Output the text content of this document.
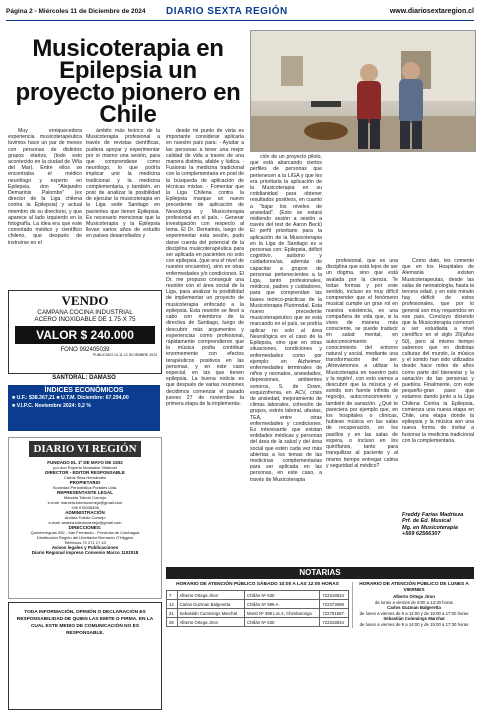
Página 2 - Miércoles 11 de Diciembre de 2024 DIARIO SEXTA REGIÓN	www.diariosextaregion.cl
Musicoterapia en Epilepsia un proyecto pionero en Chile

Muy enriquecedora experiencia musicoterapéutica tuvimos hace un par de meses con personas de distintos grupos etarios, (todo esto acontecido en la ciudad de Viña del Mar). Entre ellos se encontraba el médico neurólogo y experto en Epilepsia, don "Alejandro Demarinis Palombo" (ex director de la Liga chilena contra la Epilepsia) y actual miembro de su directorio, y que aparece al lado izquierdo en la fotografía. La idea era que este connotado médico y científico chileno, que después de instruirse en el

ámbito más teórico de la Musicoterapia profesional a través de revistas científicas, pudiera apoyar y experimentar por sí mismo una sesión, para que comprendiese como neurólogo, lo que podría implicar unir la medicina tradicional y la medicina complementaria, y también, en post de analizar la posibilidad de ejecutar la musicoterapia en la Liga sede Santiago en pacientes que tienen Epilepsia. Es necesario mencionar que la Musicoterapia y la Epilepsia llevan varios años de estudio en países desarrollados y

desde mi punto de vista es importante considerar aplicarla en nuestro país para: - Ayudar a las personas a tener una mejor calidad de vida a través de una manera distinta, afable y lúdica. - Fusionar la medicina tradicional con la complementaria en post de la búsqueda de aplicación de técnicas mixtas. - Fomentar que la Liga Chilena contra la Epilepsia marque un nuevo precedente de aplicación de Neurología y Musicoterapia profesional en el país. - Generar investigación con respecto al tema. El Dr. Demarinis, luego de experimentar esta sesión, pudo darse cuenta del potencial de la disciplina musicoterapéutica para ser aplicada en pacientes no solo con epilepsia, (que era el nivel de nuestro encuentro), sino en otras enfermedades y/o condiciones. El Dr. me propuso conseguir una reunión con el área social de la Liga, para analizar la posibilidad de implementar un proyecto de musicoterapia enfocado a la epilepsia. Esta reunión se llevó a cabo con miembros de la directiva de Santiago, luego de descubrir más argumentos y experiencias como profesional, rápidamente comprendieron que la música podía contribuir enormemente con efectos terapéuticos positivos en las personas, y en este caso especial, en las que tienen epilepsia. La buena noticia es que después de varias reuniones decidimos comenzar el pasado jueves 27 de noviembre la primera etapa de la implementa-

ción de un proyecto piloto, que está abarcando ciertos perfiles de personas que pertenecen a la LIGA y que les era prioritaria la aplicación de la Musicoterapia en su cotidianidad para obtener resultados positivos, en cuanto a "bajar los niveles de ansiedad". (Esto se estará midiendo sesión a sesión a través del test de Aaron Beck) El perfil prioritario para la aplicación de la Musicoterapia en la Liga de Santiago es a personas con: Epilepsia, déficit cognitivo, autismo y cuidadores/as, además de capacitar a grupos de personas pertenecientes a la Liga, tanto profesionales, médicos, padres y cuidadores, para que comprendan las bases teórico-prácticas de la Musicoterapia Plurimodal. Esta nuevo precedente musicoterapéutico que se está marcando en el país, se podría aplicar no solo al área Neurológica en el caso de la Epilepsia, sino que en otras situaciones, condiciones y enfermedades como por ejemplo: en Alzheimer, enfermedades terminales de niños y neonatos, ansiedades, depresiones, ambientes sonoros, S. de Down, esquizofrenia, en ACV, crisis de ansiedad, mejoramiento de climas laborales, cohesión de grupos, estrés laboral, afasias, TEA, entre otras enfermedades y condiciones. Es interesante que existan entidades médicas y personas del área de la salud y del área social que estén cada vez más abiertas a los temas de las medicinas complementarias para ser aplicada en las personas, en este caso, a través de Musicoterapia

profesional, que es una disciplina que está lejos de ser un dogma, sino que está avalada por la ciencia. Te todas formas y por este sentido, incluso es muy difícil comprender que el fenómeno musical cumple un gran rol en nuestra existencia, es una compañera de vida que, si la vives de manera más consciente, se puede traducir en salud mental, en autoconocimiento y conocimiento del entorno natural y social, mediante una transformación del ser. ¡Atrevámonos a utilizar la Musicoterapia en nuestro país y la región!, con esto vamos a descubrir que la música y el sonido son fuente infinita de regocijo, autoconocimiento y también de sanación. ¿Qué te pareciera por ejemplo que, en los hospitales o clínicas, hubiese música en las salas de recuperación, en los pasillos y en las salas de espera, o incluso en los quirófanos, tanto para tranquilizar al paciente y al mismo tiempo entregar calma y seguridad al médico?

Como dato, les comento que en los Hospitales de Alemania existen Musicoterapeutas, desde las salas de neonatología, hasta la tercera edad, y en este minuto hay déficit de estos profesionales, que por lo general son muy requeridos en ese país. Concluyo diciendo que la Musicoterapia comenzó a ser estudiada a nivel científico en el siglo 20(años 50), pero al mismo tiempo sabemos que en distintas culturas del mundo, la música y el sonido han sido utilizados desde hace miles de años como parte del bienestar y la sanación de las personas y pueblos. Finalmente, con este pequeño-gran paso que estamos dando junto a la Liga Chilena Contra la Epilepsia, comienza una nueva etapa en Chile, una etapa donde la epilepsia y la música son una nueva forma de invitar a fusionar la medicina tradicional con la complementaria.

Freddy Farías Madrieza
Prf. de Ed. Musical
Mg. en Musicoterapia
+569 62566307
VENDO
CAMPANA COCINA INDUSTRIAL
ACERO INOXIDABLE DE 1.75 X 75
VALOR $ 240.000
FONO 992405039
PUBLICADO 10-11-12 DICIEMBRE 2024
SANTORAL: DAMASO
ÍNDICES ECONÓMICOS
■ U.F.: $38.367,21 ■ U.T.M. Diciembre: 67.294,00
■ V.I.P.C. Noviembre 2024: 0,2 %
DIARIO VI REGIÓN
FUNDADO EL 1º DE MAYO DE 1932
por don Ruperto Monsalve Villarroel
DIRECTOR - EDITOR RESPONSABLE
Carlos Silva Hernández
PROPIETARIO
Sociedad Periodística Portales Ltda.
REPRESENTANTE LEGAL
Marcela Toledo Cornejo
e-mail: marcela.toledocornejo@gmail.com
+56 976035496
ADMINISTRACIÓN
Andrea Toledo Cornejo
e-mail: andrea.toledocornejo@gmail.com
DIRECCIONES:
Quechereguas 952 - San Fernando - Provincia de Colchagua
Distribución Región del Libertador Bernardo O'Higgins
Teléfonos 72 271 17 43
Avisos legales y Publicaciones
Diario Regional impreso Convenio Marco 1102018
TODA INFORMACIÓN, OPINIÓN O DECLARACIÓN ES RESPONSABILIDAD DE QUIEN LAS EMITE O FIRMA. EN LA CUAL ESTE MEDIO DE COMUNICACIÓN NO ES RESPONSABLE.
NOTARIAS
HORARIO DE ATENCIÓN PÚBLICO SÁBADO 10:00 A LAS 12:00 HORAS
7	Alberto Ortega Jiron	Chillán Nº 630	722318634
14	Carlos Guzman Balgeretta	Chillán Nº 595-A	722373099
21	Sebastián Cummings Marchat	Montt Nº 399 Loc.4, Chimbarongo	722791557
28	Alberto Ortega Jiron	Chillán Nº 630	722318634
HORARIO DE ATENCIÓN PÚBLICO DE LUNES A VIERNES
Alberto Ortega Jiron
de lunes a viernes de 9:00 a 13:30 horas
Carlos Guzman Balgeretta
de lunes a viernes de 9 a 14:00 y de 15:00 a 17:00 horas
Sebastián Cummings Marchat
de lunes a viernes de 9 a 14:00 y de 15:00 a 17:30 horas
